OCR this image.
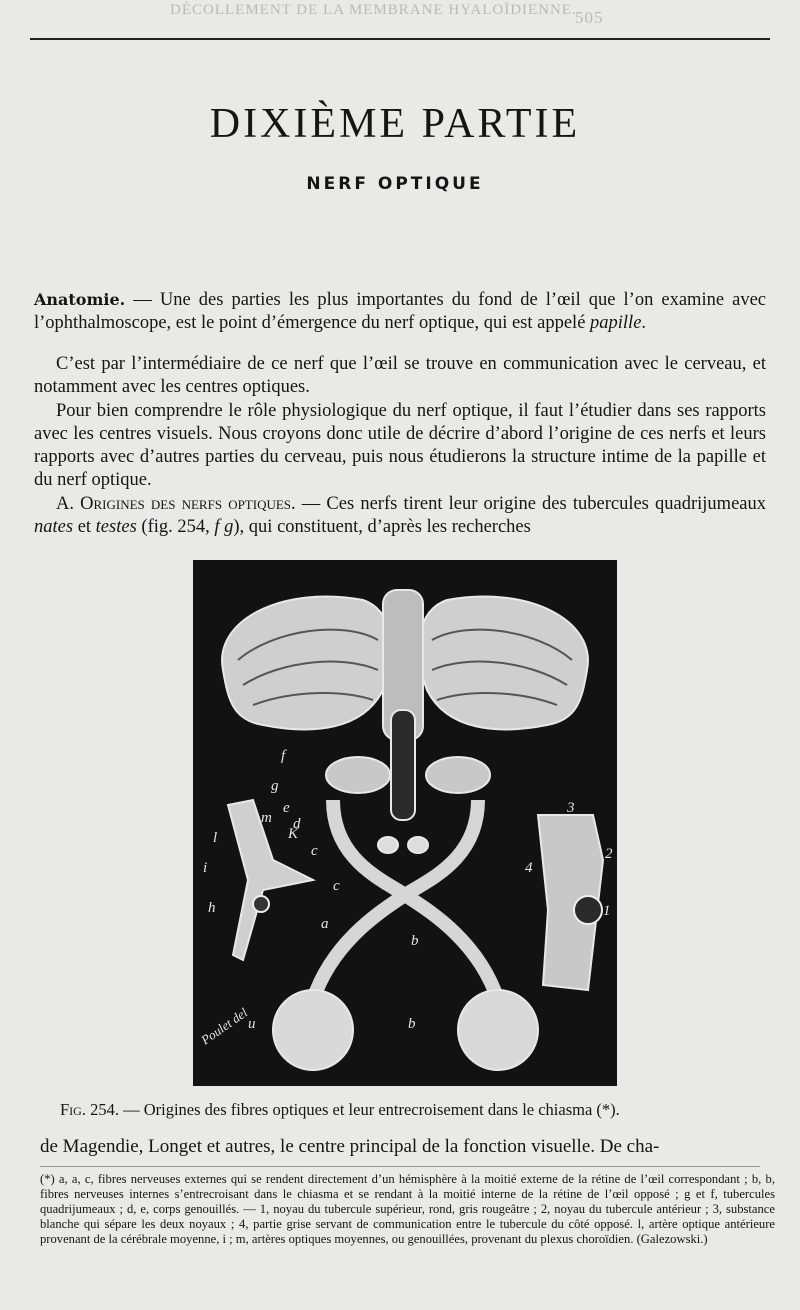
DÉCOLLEMENT DE LA MEMBRANE HYALOÏDIENNE.
505
DIXIÈME PARTIE
NERF OPTIQUE

Anatomie. — Une des parties les plus importantes du fond de l’œil que l’on examine avec l’ophthalmoscope, est le point d’émergence du nerf optique, qui est appelé papille.

C’est par l’intermédiaire de ce nerf que l’œil se trouve en communication avec le cerveau, et notamment avec les centres optiques.

Pour bien comprendre le rôle physiologique du nerf optique, il faut l’étudier dans ses rapports avec les centres visuels. Nous croyons donc utile de décrire d’abord l’origine de ces nerfs et leurs rapports avec d’autres parties du cerveau, puis nous étudierons la structure intime de la papille et du nerf optique.

A. Origines des nerfs optiques. — Ces nerfs tirent leur origine des tubercules quadrijumeaux nates et testes (fig. 254, f g), qui constituent, d’après les recherches

f
g
e
d
m
K
l
i
h
c
c
a
b
u	b
3
2
4
1
Poulet del
Fig. 254. — Origines des fibres optiques et leur entrecroisement dans le chiasma (*).
de Magendie, Longet et autres, le centre principal de la fonction visuelle. De cha-

(*) a, a, c, fibres nerveuses externes qui se rendent directement d’un hémisphère à la moitié externe de la rétine de l’œil correspondant ; b, b, fibres nerveuses internes s’entrecroisant dans le chiasma et se rendant à la moitié interne de la rétine de l’œil opposé ; g et f, tubercules quadrijumeaux ; d, e, corps genouillés. — 1, noyau du tubercule supérieur, rond, gris rougeâtre ; 2, noyau du tubercule antérieur ; 3, substance blanche qui sépare les deux noyaux ; 4, partie grise servant de communication entre le tubercule du côté opposé. l, artère optique antérieure provenant de la cérébrale moyenne, i ; m, artères optiques moyennes, ou genouillées, provenant du plexus choroïdien. (Galezowski.)
